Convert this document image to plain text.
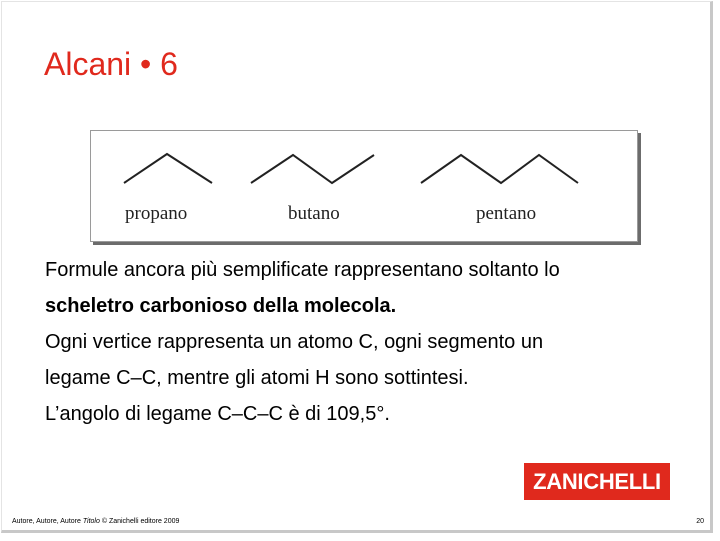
Alcani • 6
propano	butano	pentano

Formule ancora più semplificate rappresentano soltanto lo

scheletro carbonioso della molecola.

Ogni vertice rappresenta un atomo C, ogni segmento un

legame C–C, mentre gli atomi H sono sottintesi.

L’angolo di legame C–C–C è di 109,5°.

ZANICHELLI
Autore, Autore, Autore Titolo © Zanichelli editore 2009	20
